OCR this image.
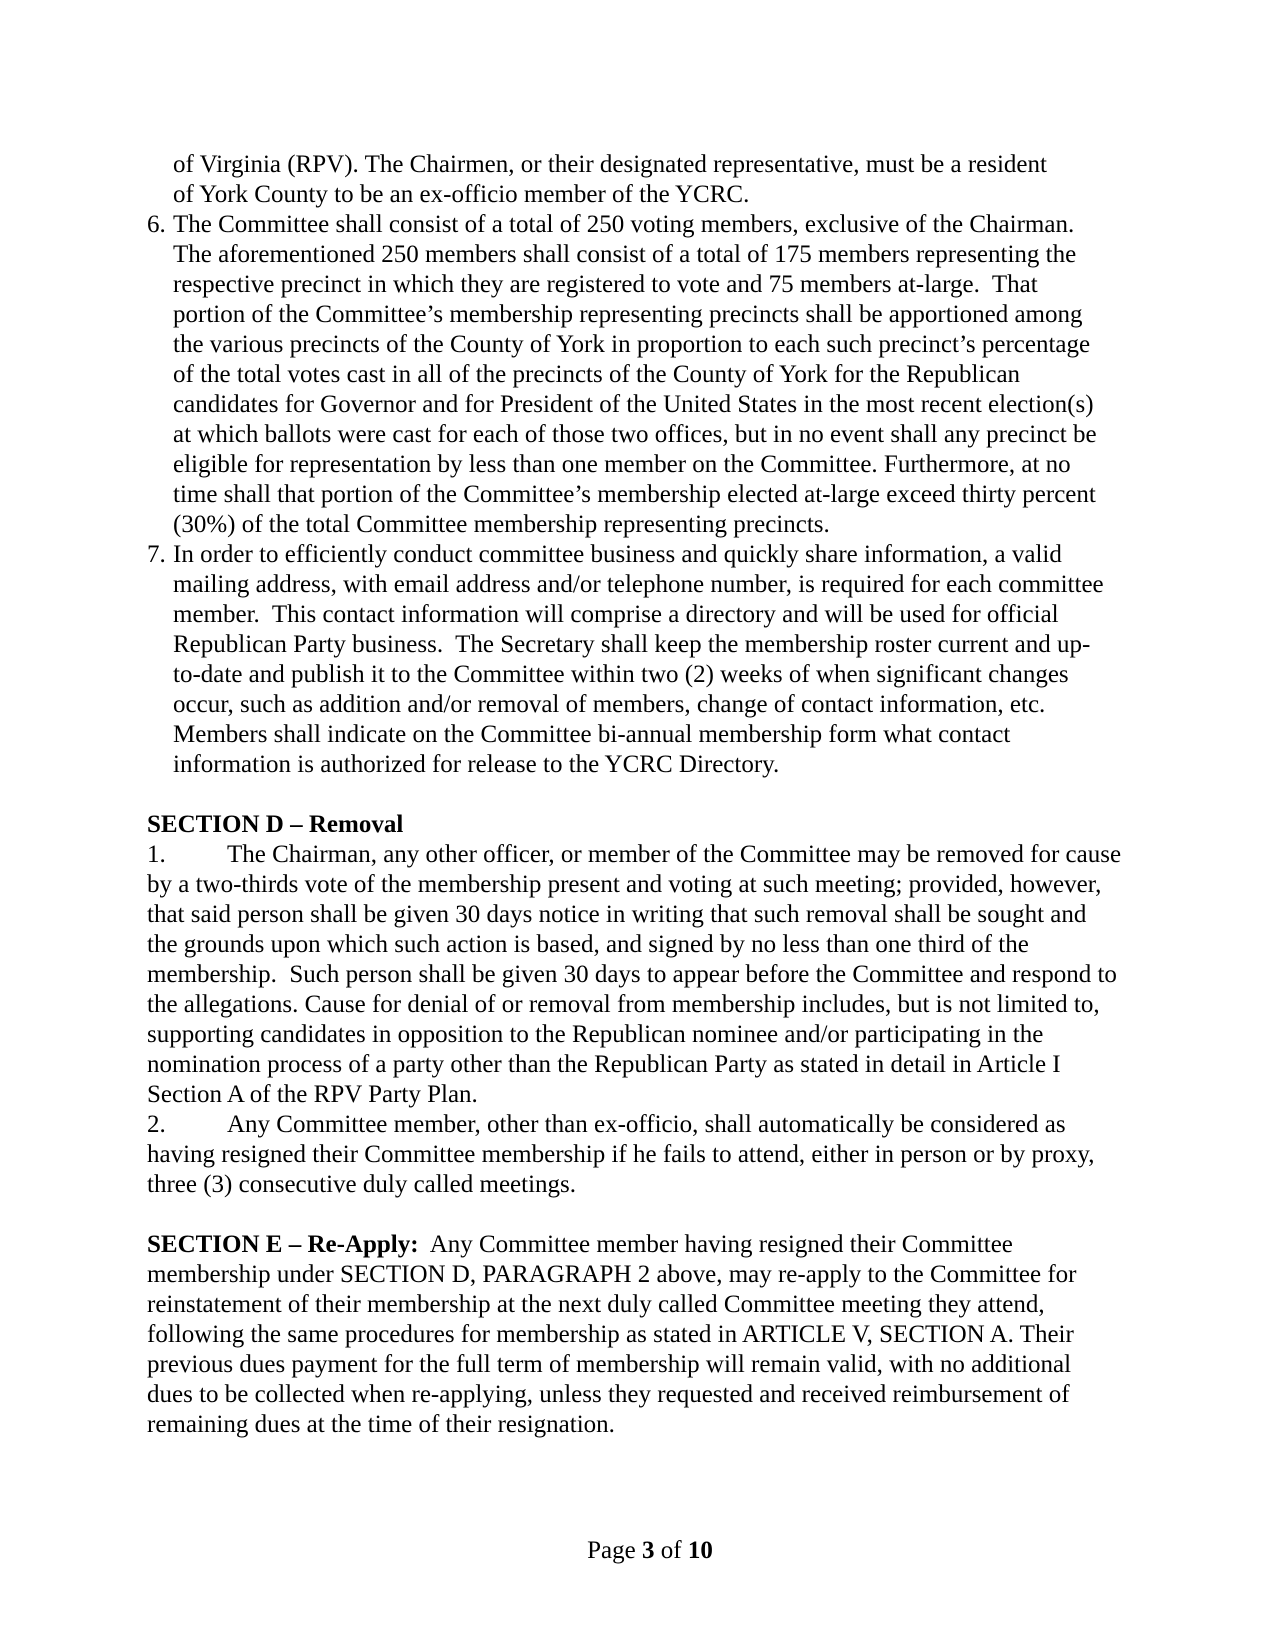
of Virginia (RPV). The Chairmen, or their designated representative, must be a resident
of York County to be an ex-officio member of the YCRC.
6. The Committee shall consist of a total of 250 voting members, exclusive of the Chairman.
The aforementioned 250 members shall consist of a total of 175 members representing the
respective precinct in which they are registered to vote and 75 members at-large.  That
portion of the Committee’s membership representing precincts shall be apportioned among
the various precincts of the County of York in proportion to each such precinct’s percentage
of the total votes cast in all of the precincts of the County of York for the Republican
candidates for Governor and for President of the United States in the most recent election(s)
at which ballots were cast for each of those two offices, but in no event shall any precinct be
eligible for representation by less than one member on the Committee. Furthermore, at no
time shall that portion of the Committee’s membership elected at-large exceed thirty percent
(30%) of the total Committee membership representing precincts.
7. In order to efficiently conduct committee business and quickly share information, a valid
mailing address, with email address and/or telephone number, is required for each committee
member.  This contact information will comprise a directory and will be used for official
Republican Party business.  The Secretary shall keep the membership roster current and up-
to-date and publish it to the Committee within two (2) weeks of when significant changes
occur, such as addition and/or removal of members, change of contact information, etc.
Members shall indicate on the Committee bi-annual membership form what contact
information is authorized for release to the YCRC Directory.
SECTION D – Removal
1. The Chairman, any other officer, or member of the Committee may be removed for cause
by a two-thirds vote of the membership present and voting at such meeting; provided, however,
that said person shall be given 30 days notice in writing that such removal shall be sought and
the grounds upon which such action is based, and signed by no less than one third of the
membership.  Such person shall be given 30 days to appear before the Committee and respond to
the allegations. Cause for denial of or removal from membership includes, but is not limited to,
supporting candidates in opposition to the Republican nominee and/or participating in the
nomination process of a party other than the Republican Party as stated in detail in Article I
Section A of the RPV Party Plan.
2. Any Committee member, other than ex-officio, shall automatically be considered as
having resigned their Committee membership if he fails to attend, either in person or by proxy,
three (3) consecutive duly called meetings.
SECTION E – Re-Apply:  Any Committee member having resigned their Committee
membership under SECTION D, PARAGRAPH 2 above, may re-apply to the Committee for
reinstatement of their membership at the next duly called Committee meeting they attend,
following the same procedures for membership as stated in ARTICLE V, SECTION A. Their
previous dues payment for the full term of membership will remain valid, with no additional
dues to be collected when re-applying, unless they requested and received reimbursement of
remaining dues at the time of their resignation.

Page 3 of 10
